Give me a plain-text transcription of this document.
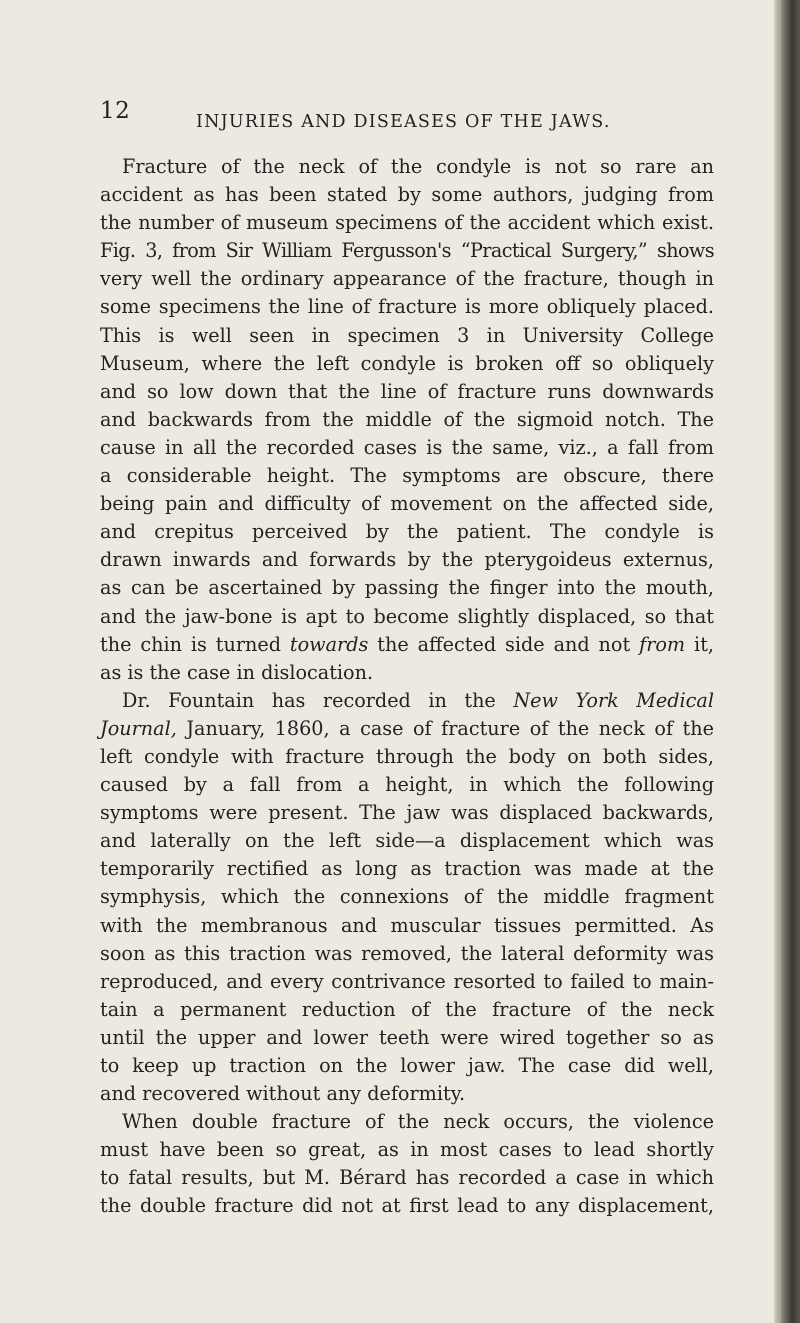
12	INJURIES AND DISEASES OF THE JAWS.
Fracture of the neck of the condyle is not so rare an
accident as has been stated by some authors, judging from
the number of museum specimens of the accident which exist.
Fig. 3, from Sir William Fergusson's “Practical Surgery,” shows
very well the ordinary appearance of the fracture, though in
some specimens the line of fracture is more obliquely placed.
This is well seen in specimen 3 in University College
Museum, where the left condyle is broken off so obliquely
and so low down that the line of fracture runs downwards
and backwards from the middle of the sigmoid notch. The
cause in all the recorded cases is the same, viz., a fall from
a considerable height. The symptoms are obscure, there
being pain and difficulty of movement on the affected side,
and crepitus perceived by the patient. The condyle is
drawn inwards and forwards by the pterygoideus externus,
as can be ascertained by passing the finger into the mouth,
and the jaw-bone is apt to become slightly displaced, so that
the chin is turned towards the affected side and not from it,
as is the case in dislocation.
Dr. Fountain has recorded in the New York Medical
Journal, January, 1860, a case of fracture of the neck of the
left condyle with fracture through the body on both sides,
caused by a fall from a height, in which the following
symptoms were present. The jaw was displaced backwards,
and laterally on the left side—a displacement which was
temporarily rectified as long as traction was made at the
symphysis, which the connexions of the middle fragment
with the membranous and muscular tissues permitted. As
soon as this traction was removed, the lateral deformity was
reproduced, and every contrivance resorted to failed to main-
tain a permanent reduction of the fracture of the neck
until the upper and lower teeth were wired together so as
to keep up traction on the lower jaw. The case did well,
and recovered without any deformity.
When double fracture of the neck occurs, the violence
must have been so great, as in most cases to lead shortly
to fatal results, but M. Bérard has recorded a case in which
the double fracture did not at first lead to any displacement,
